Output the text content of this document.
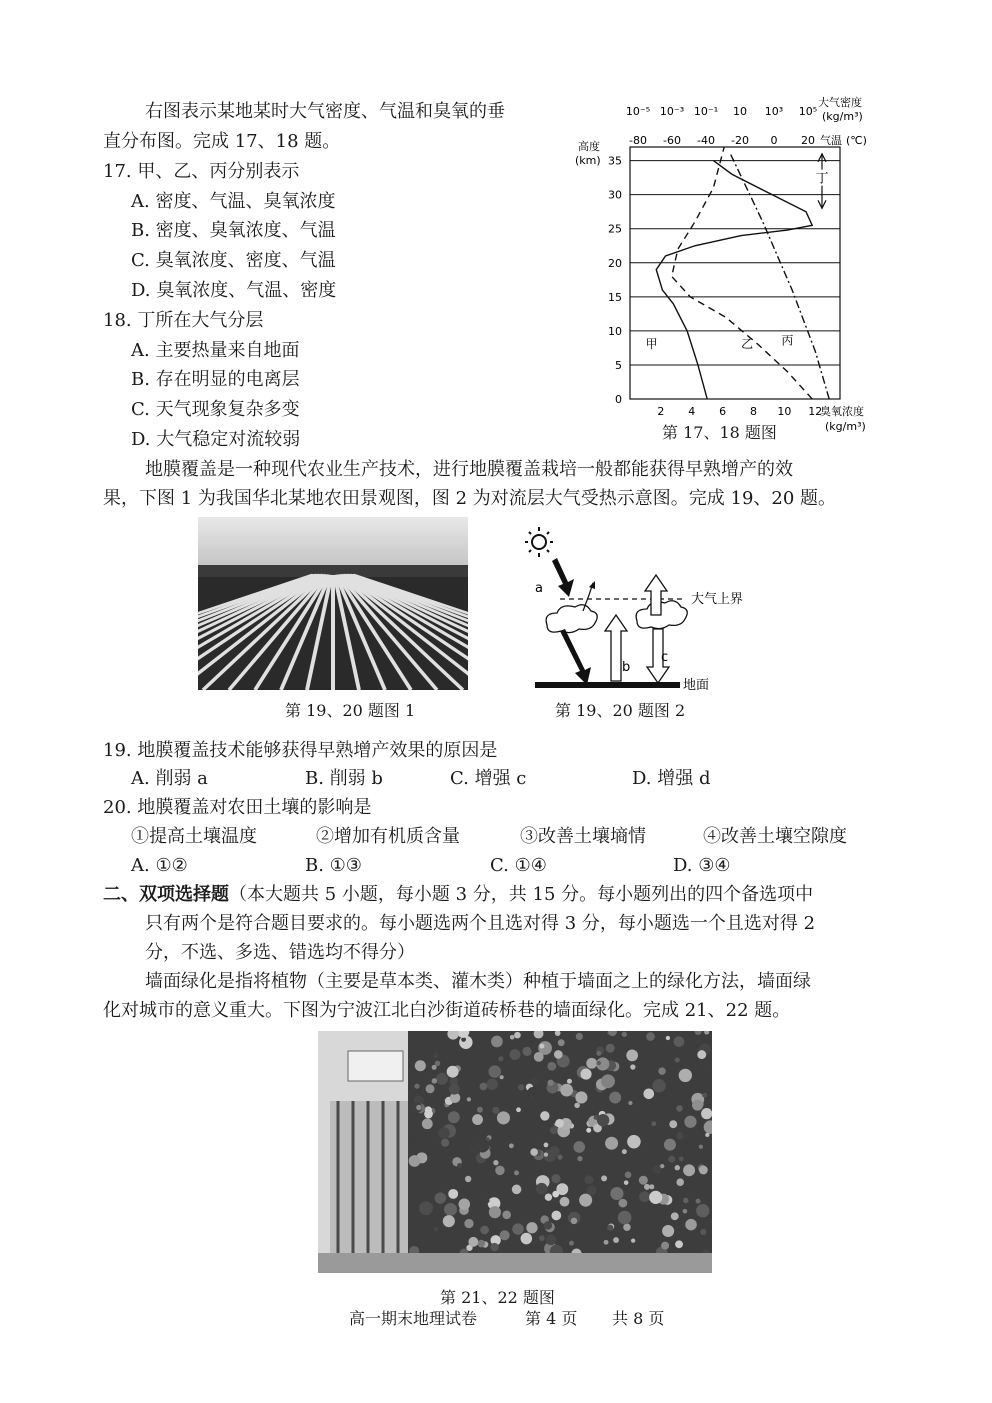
右图表示某地某时大气密度、气温和臭氧的垂
直分布图。完成 17、18 题。
17. 甲、乙、丙分别表示
A. 密度、气温、臭氧浓度
B. 密度、臭氧浓度、气温
C. 臭氧浓度、密度、气温
D. 臭氧浓度、气温、密度
18. 丁所在大气分层
A. 主要热量来自地面
B. 存在明显的电离层
C. 天气现象复杂多变
D. 大气稳定对流较弱
10⁻⁵ 10⁻³ 10⁻¹ 10 10³ 10⁵
大气密度
(kg/m³)
-80 -60 -40 -20 0 20 气温 (℃)
0
5
10
15
20
25
30
35
高度
(km)
2 4 6 8 10 12
臭氧浓度
(kg/m³)
甲	乙 丙
丁
第 17、18 题图
地膜覆盖是一种现代农业生产技术，进行地膜覆盖栽培一般都能获得早熟增产的效
果，下图 1 为我国华北某地农田景观图，图 2 为对流层大气受热示意图。完成 19、20 题。
第 19、20 题图 1
a
b
c
大气上界
地面
第 19、20 题图 2
19. 地膜覆盖技术能够获得早熟增产效果的原因是
A. 削弱 a	B. 削弱 b	C. 增强 c	D. 增强 d
20. 地膜覆盖对农田土壤的影响是
①提高土壤温度	②增加有机质含量	③改善土壤墒情	④改善土壤空隙度
A. ①②	B. ①③	C. ①④	D. ③④
二、双项选择题（本大题共 5 小题，每小题 3 分，共 15 分。每小题列出的四个备选项中
只有两个是符合题目要求的。每小题选两个且选对得 3 分，每小题选一个且选对得 2
分，不选、多选、错选均不得分）
墙面绿化是指将植物（主要是草本类、灌木类）种植于墙面之上的绿化方法，墙面绿
化对城市的意义重大。下图为宁波江北白沙街道砖桥巷的墙面绿化。完成 21、22 题。
第 21、22 题图
高一期末地理试卷	第 4 页 共 8 页
